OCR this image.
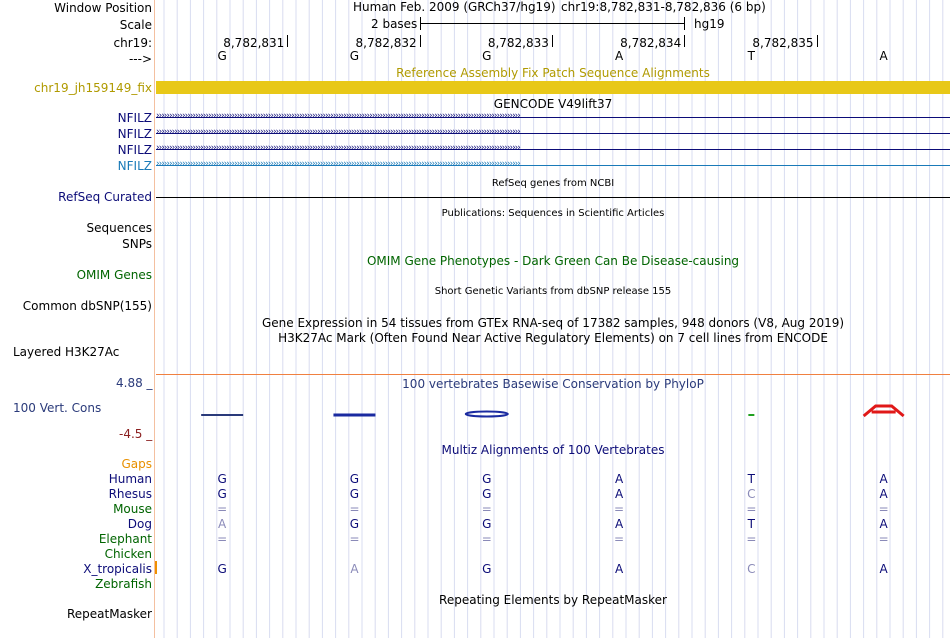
Window Position	Human Feb. 2009 (GRCh37/hg19) chr19:8,782,831-8,782,836 (6 bp)
Scale	2 bases	hg19
chr19:	8,782,831	8,782,832	8,782,833	8,782,834	8,782,835
--->	G	G	G	A	T	A
Reference Assembly Fix Patch Sequence Alignments
chr19_jh159149_fix
GENCODE V49lift37
NFILZ ››››››››››››››››››››››››››››››››››››››››››››››››››››››››››››››››››››››››››››››››››››››››››››››››››››››››››››››››››››››››››››››››››››››››››››
NFILZ ››››››››››››››››››››››››››››››››››››››››››››››››››››››››››››››››››››››››››››››››››››››››››››››››››››››››››››››››››››››››››››››››››››››››››››
NFILZ ››››››››››››››››››››››››››››››››››››››››››››››››››››››››››››››››››››››››››››››››››››››››››››››››››››››››››››››››››››››››››››››››››››››››››››
NFILZ ››››››››››››››››››››››››››››››››››››››››››››››››››››››››››››››››››››››››››››››››››››››››››››››››››››››››››››››››››››››››››››››››››››››››››››
RefSeq genes from NCBI
RefSeq Curated
Publications: Sequences in Scientific Articles
Sequences
SNPs
OMIM Gene Phenotypes - Dark Green Can Be Disease-causing
OMIM Genes
Short Genetic Variants from dbSNP release 155
Common dbSNP(155)
Gene Expression in 54 tissues from GTEx RNA-seq of 17382 samples, 948 donors (V8, Aug 2019)
H3K27Ac Mark (Often Found Near Active Regulatory Elements) on 7 cell lines from ENCODE
Layered H3K27Ac
100 vertebrates Basewise Conservation by PhyloP
4.88 _
100 Vert. Cons
-4.5 _
Multiz Alignments of 100 Vertebrates
Gaps
Human	G	G	G	A	T	A
Rhesus	G	G	G	A	C	A
Mouse	=	=	=	=	=	=
Dog	A	G	G	A	T	A
Elephant	=	=	=	=	=	=
Chicken
X_tropicalis	G	A	G	A	C	A
Zebrafish
Repeating Elements by RepeatMasker
RepeatMasker
